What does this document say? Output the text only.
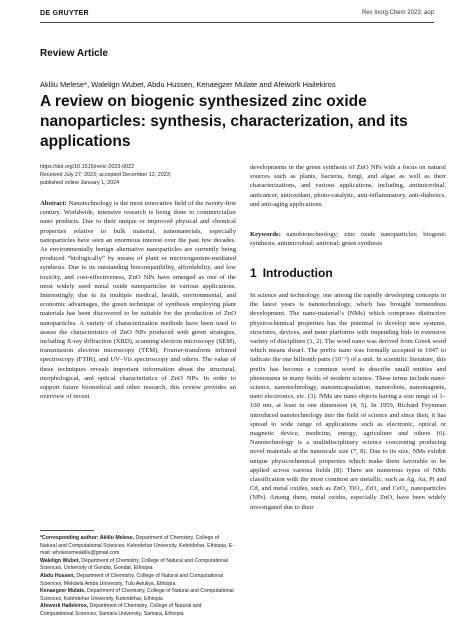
DE GRUYTER	Rev Inorg Chem 2023; aop
Review Article
Aklilu Melese*, Walelign Wubet, Abdu Hussen, Kenaegzer Mulate and Afework Hailekiros
A review on biogenic synthesized zinc oxide nanoparticles: synthesis, characterization, and its applications
https://doi.org/10.1515/revic-2023-0022
Received July 27, 2023; accepted December 12, 2023;
published online January 1, 2024

Abstract: Nanotechnology is the most innovative field of the twenty-first century. Worldwide, intensive research is being done to commercialize nano products. Due to their unique or improved physical and chemical properties relative to bulk material, nanomaterials, especially nanoparticles have seen an enormous interest over the past few decades. As environmentally benign alternative nanoparticles are currently being produced “biologically” by means of plant or microorganism-mediated synthesis. Due to its outstanding biocompatibility, affordability, and low toxicity, and cost-effectiveness, ZnO NPs have emerged as one of the most widely used metal oxide nanoparticles in various applications. Interestingly, due to its multiple medical, health, environmental, and economic advantages, the green technique of synthesis employing plant materials has been discovered to be suitable for the production of ZnO nanoparticles. A variety of characterization methods have been used to assess the characteristics of ZnO NPs produced with green strategies, including X-ray diffraction (XRD), scanning electron microscopy (SEM), transmission electron microscopy (TEM), Fourier-transform infrared spectroscopy (FTIR), and UV–Vis spectroscopy and others. The value of these techniques reveals important information about the structural, morphological, and optical characteristics of ZnO NPs. In order to support future biomedical and other research, this review provides an overview of recent

developments in the green synthesis of ZnO NPs with a focus on natural sources such as plants, bacteria, fungi, and algae as well as their characterizations, and various applications, including, antimicrobial, anticancer, antioxidant, photo-catalytic, anti-inflammatory, anti-diabetics, and anti-aging applications.
Keywords: nanobiotechnology; zinc oxide nanoparticles; biogenic synthesis; antimicrobial; antiviral; green synthesis
1 Introduction

In science and technology, one among the rapidly developing concepts in the latest years is nanotechnology, which has brought tremendous development. The nano-material’s (NMs) which comprises distinctive physicochemical properties has the potential to develop new systems, structures, devices, and nano platforms with impending bids in extensive variety of disciplines (1, 2). The word nano was derived from Greek word which means dwarf. The prefix nano was formally accepted in 1947 to indicate the one billionth parts (10⁻⁹) of a unit. In scientific literature, this prefix has become a common word to describe small entities and phenomena in many fields of modern science. These terms include nano-science, nanotechnology, nanoencapsulation, nanorobots, nanomagnets, nano electronics, etc. (3). NMs are nano objects having a size range of 1–100 nm, at least in one dimension (4, 5). In 1959, Richard Feynman introduced nanotechnology into the field of science and since then, it has spread to wide range of applications such as electronic, optical or magnetic device, medicine, energy, agriculture and others (6). Nanotechnology is a multidisciplinary science concerning producing novel materials at the nanoscale size (7, 8). Due to its size, NMs exhibit unique physicochemical properties which make them favorable to be applied across various fields (8). There are numerous types of NMs classification with the most common are metallic, such as Ag, Au, Pt and Cd, and metal oxides, such as ZnO, TiO₂, ZrO₂ and CeO₂, nanoparticles (NPs). Among them, metal oxides, especially ZnO, have been widely investigated due to their

*Corresponding author: Aklilu Melese, Department of Chemistry, College of Natural and Computational Sciences, Kebridehar University, Kebridehar, Ethiopia, E-mail: wholesomeaklilu@gmail.com

Walelign Wubet, Department of Chemistry, College of Natural and Computational Sciences, University of Gondar, Gondar, Ethiopia

Abdu Hussen, Department of Chemistry, College of Natural and Computational Sciences, Mekdela Amba University, Tulu Awuliya, Ethiopia

Kenaegzer Mulate, Department of Chemistry, College of Natural and Computational Sciences, Kebridehar University, Kebridehar, Ethiopia

Afework Hailekiros, Department of Chemistry, College of Natural and Computational Sciences, Samara University, Samara, Ethiopia
